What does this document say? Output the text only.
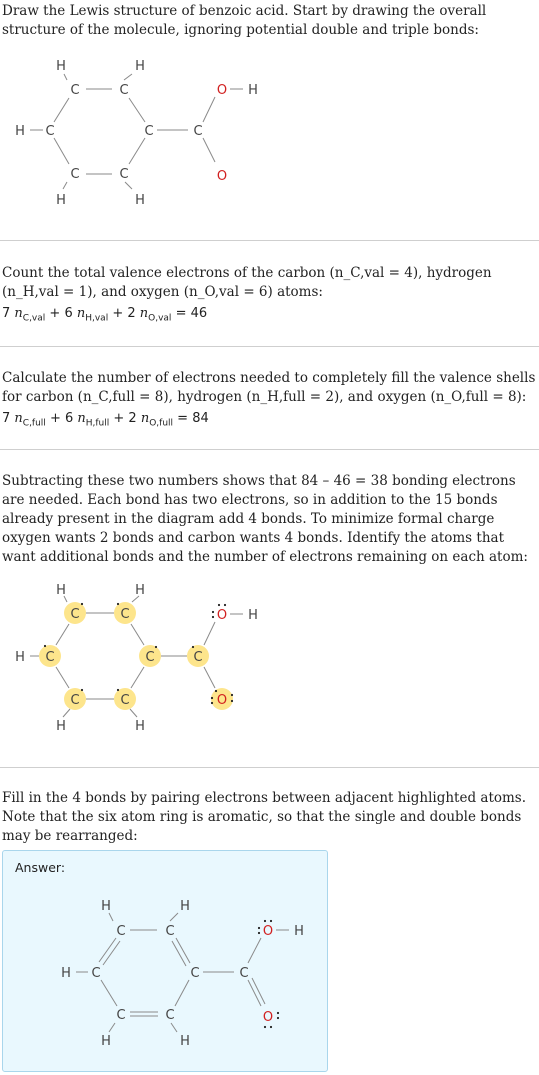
Draw the Lewis structure of benzoic acid. Start by drawing the overall structure of the molecule, ignoring potential double and triple bonds:
H	H
C	C	O H
H C	C	C
C	C	O
H	H
Count the total valence electrons of the carbon (n_C,val = 4), hydrogen (n_H,val = 1), and oxygen (n_O,val = 6) atoms:
7 $n_{C,val} + 6$ $n_{H,val} + 2$ $n_{O,val} = 46$
Calculate the number of electrons needed to completely fill the valence shells for carbon (n_C,full = 8), hydrogen (n_H,full = 2), and oxygen (n_O,full = 8):
7 $n_{C,full} + 6$ $n_{H,full} + 2$ $n_{O,full} = 84$
Subtracting these two numbers shows that 84 – 46 = 38 bonding electrons are needed. Each bond has two electrons, so in addition to the 15 bonds already present in the diagram add 4 bonds. To minimize formal charge oxygen wants 2 bonds and carbon wants 4 bonds. Identify the atoms that want additional bonds and the number of electrons remaining on each atom:
H	H
C	C	O H
H C	C	C
C	C	O
H	H
Fill in the 4 bonds by pairing electrons between adjacent highlighted atoms. Note that the six atom ring is aromatic, so that the single and double bonds may be rearranged:
Answer:
H	H
C	C	O H
H C	C	C
C	C	O
H	H
